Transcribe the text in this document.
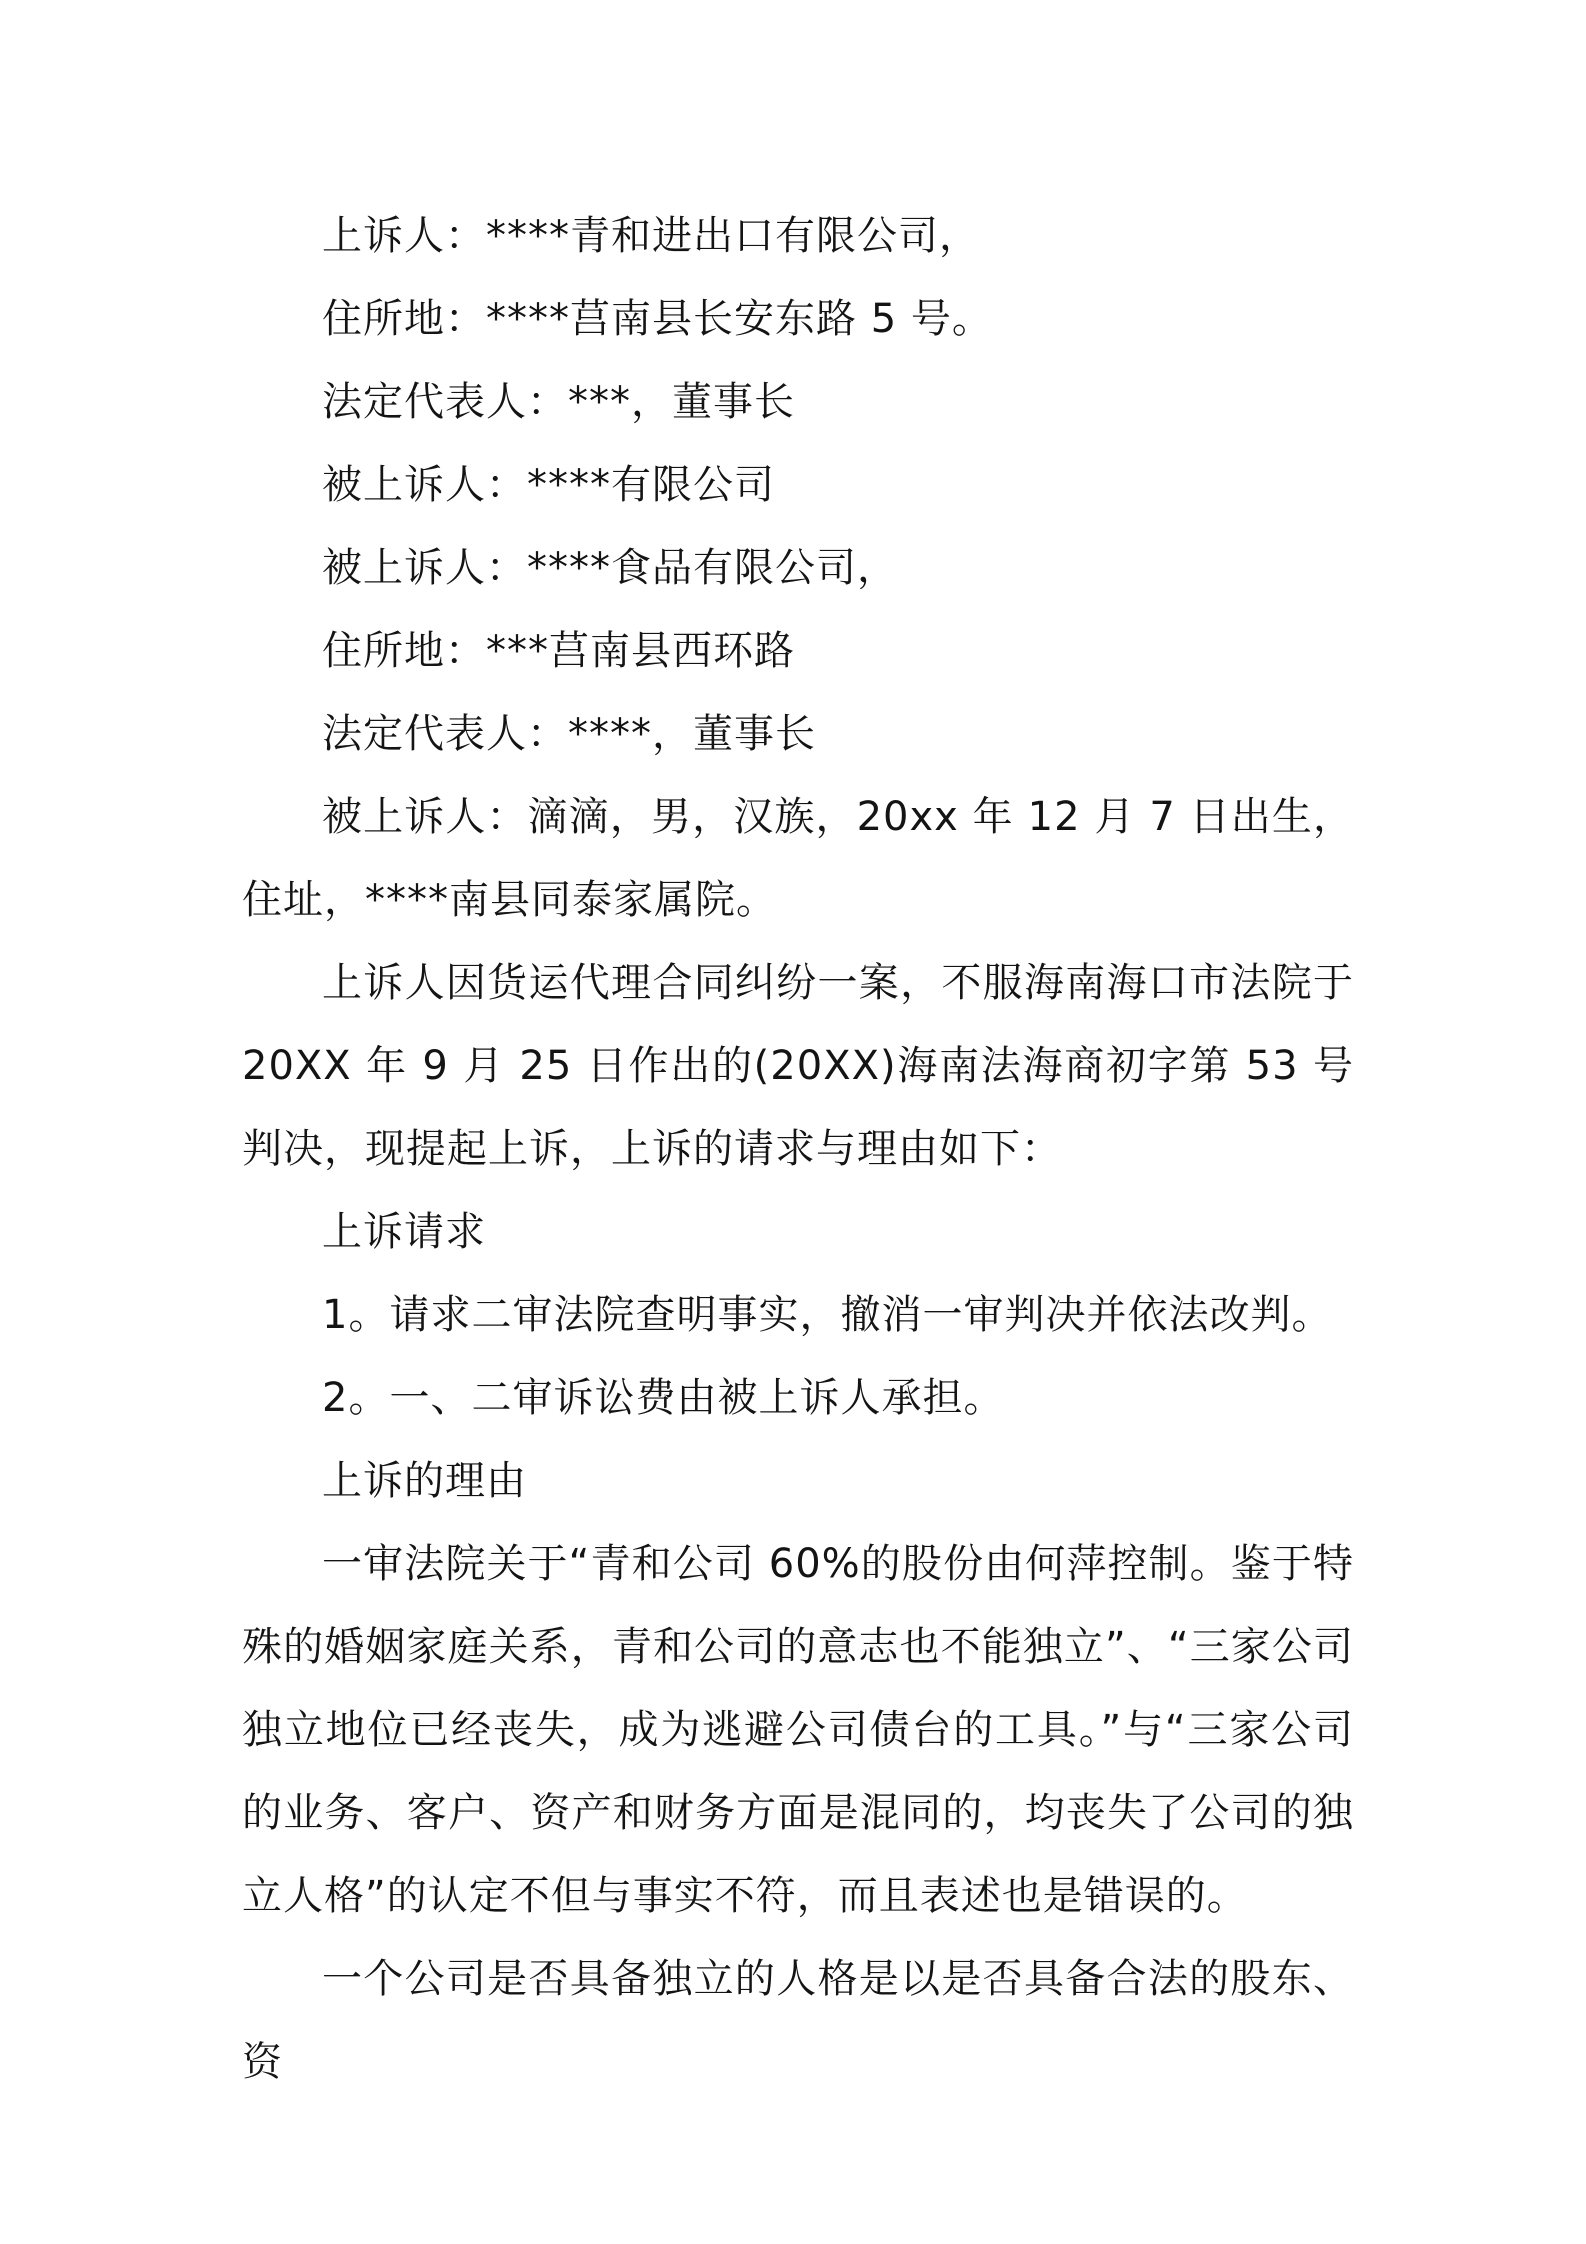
上诉人：****青和进出口有限公司，

住所地：****莒南县长安东路 5 号。

法定代表人：***，董事长

被上诉人：****有限公司

被上诉人：****食品有限公司，

住所地：***莒南县西环路

法定代表人：****，董事长

被上诉人：滴滴，男，汉族，20xx 年 12 月 7 日出生， 住址，****南县同泰家属院。

上诉人因货运代理合同纠纷一案，不服海南海口市法院于 20XX 年 9 月 25 日作出的(20XX)海南法海商初字第 53 号判决，现提起上诉，上诉的请求与理由如下：

上诉请求

1。请求二审法院查明事实，撤消一审判决并依法改判。

2。一、二审诉讼费由被上诉人承担。

上诉的理由

一审法院关于“青和公司 60%的股份由何萍控制。鉴于特殊的婚姻家庭关系，青和公司的意志也不能独立”、“三家公司独立地位已经丧失，成为逃避公司债台的工具。”与“三家公司的业务、客户、资产和财务方面是混同的，均丧失了公司的独立人格”的认定不但与事实不符，而且表述也是错误的。

一个公司是否具备独立的人格是以是否具备合法的股东、资
